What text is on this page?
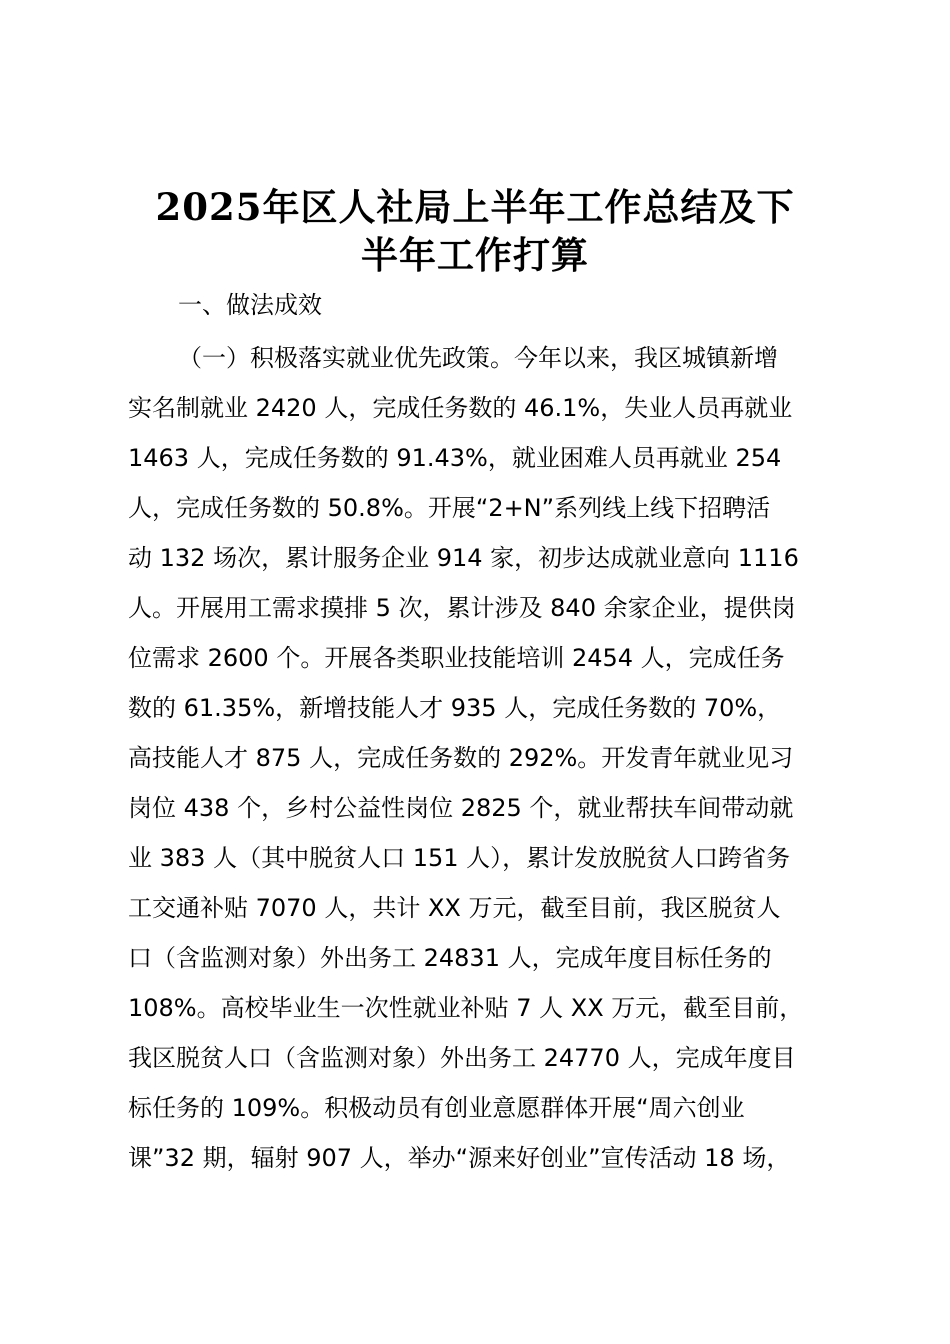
2025年区人社局上半年工作总结及下
半年工作打算

一、做法成效

（一）积极落实就业优先政策。今年以来，我区城镇新增
实名制就业 2420 人，完成任务数的 46.1%，失业人员再就业
1463 人，完成任务数的 91.43%，就业困难人员再就业 254
人，完成任务数的 50.8%。开展“2+N”系列线上线下招聘活
动 132 场次，累计服务企业 914 家，初步达成就业意向 1116
人。开展用工需求摸排 5 次，累计涉及 840 余家企业，提供岗
位需求 2600 个。开展各类职业技能培训 2454 人，完成任务
数的 61.35%，新增技能人才 935 人，完成任务数的 70%，
高技能人才 875 人，完成任务数的 292%。开发青年就业见习
岗位 438 个，乡村公益性岗位 2825 个，就业帮扶车间带动就
业 383 人（其中脱贫人口 151 人），累计发放脱贫人口跨省务
工交通补贴 7070 人，共计 XX 万元，截至目前，我区脱贫人
口（含监测对象）外出务工 24831 人，完成年度目标任务的
108%。高校毕业生一次性就业补贴 7 人 XX 万元，截至目前，
我区脱贫人口（含监测对象）外出务工 24770 人，完成年度目
标任务的 109%。积极动员有创业意愿群体开展“周六创业
课”32 期，辐射 907 人，举办“源来好创业”宣传活动 18 场，
